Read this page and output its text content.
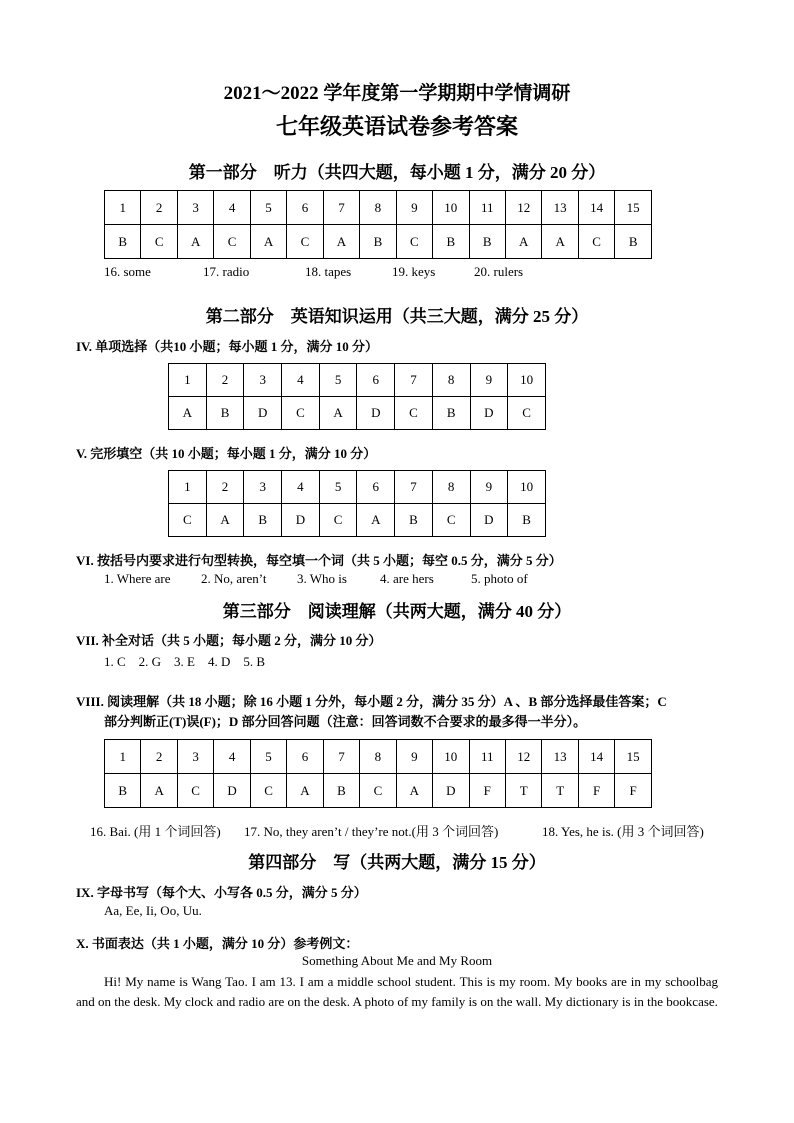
2021～2022 学年度第一学期期中学情调研
七年级英语试卷参考答案
第一部分　听力（共四大题，每小题 1 分，满分 20 分）
1	2	3	4	5	6	7	8	9	10	11	12	13	14	15
B	C	A	C	A	C	A	B	C	B	B	A	A	C	B
16. some	17. radio	18. tapes	19. keys	20. rulers
第二部分　英语知识运用（共三大题，满分 25 分）
IV. 单项选择（共10 小题；每小题 1 分，满分 10 分）
1	2	3	4	5	6	7	8	9	10
A	B	D	C	A	D	C	B	D	C
V. 完形填空（共 10 小题；每小题 1 分，满分 10 分）
1	2	3	4	5	6	7	8	9	10
C	A	B	D	C	A	B	C	D	B
VI. 按括号内要求进行句型转换，每空填一个词（共 5 小题；每空 0.5 分，满分 5 分）
1. Where are 2. No, aren’t 3. Who is	4. are hers	5. photo of
第三部分　阅读理解（共两大题，满分 40 分）
VII. 补全对话（共 5 小题；每小题 2 分，满分 10 分）
1. C　2. G　3. E　4. D　5. B
VIII. 阅读理解（共 18 小题；除 16 小题 1 分外，每小题 2 分，满分 35 分）A 、B 部分选择最佳答案；C
部分判断正(T)误(F)；D 部分回答问题（注意：回答词数不合要求的最多得一半分）。
1	2	3	4	5	6	7	8	9	10	11	12	13	14	15
B	A	C	D	C	A	B	C	A	D	F	T	T	F	F
16. Bai. (用 1 个词回答) 17. No, they aren’t / they’re not.(用 3 个词回答)	18. Yes, he is. (用 3 个词回答)
第四部分　写（共两大题，满分 15 分）
IX. 字母书写（每个大、小写各 0.5 分，满分 5 分）
Aa, Ee, Ii, Oo, Uu.
X. 书面表达（共 1 小题，满分 10 分）参考例文：
Something About Me and My Room
Hi! My name is Wang Tao. I am 13. I am a middle school student. This is my room. My books are in my schoolbag and on the desk. My clock and radio are on the desk. A photo of my family is on the wall. My dictionary is in the bookcase.
